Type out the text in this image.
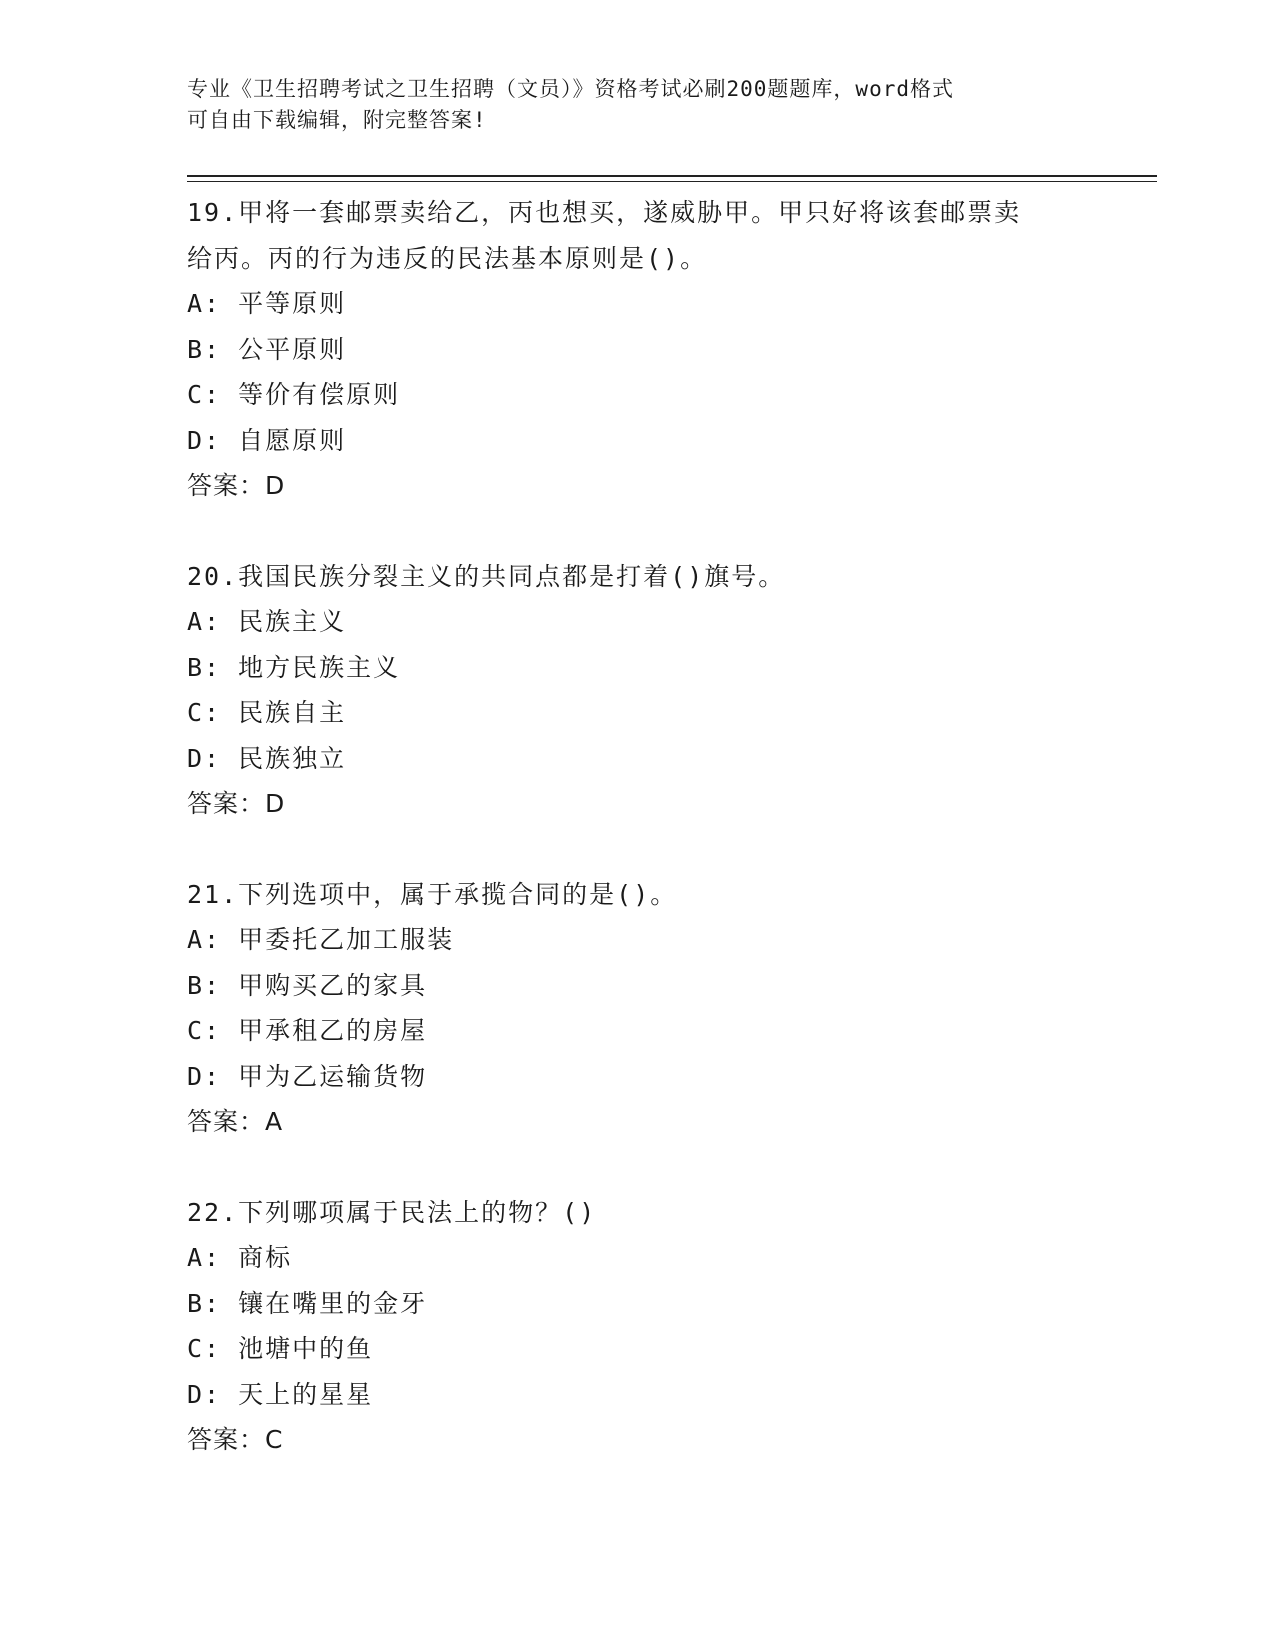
专业《卫生招聘考试之卫生招聘（文员）》资格考试必刷200题题库，word格式
可自由下载编辑，附完整答案!

19.甲将一套邮票卖给乙，丙也想买，遂威胁甲。甲只好将该套邮票卖

给丙。丙的行为违反的民法基本原则是()。

A: 平等原则

B: 公平原则

C: 等价有偿原则

D: 自愿原则

答案：D

20.我国民族分裂主义的共同点都是打着()旗号。

A: 民族主义

B: 地方民族主义

C: 民族自主

D: 民族独立

答案：D

21.下列选项中，属于承揽合同的是()。

A: 甲委托乙加工服装

B: 甲购买乙的家具

C: 甲承租乙的房屋

D: 甲为乙运输货物

答案：A

22.下列哪项属于民法上的物？()

A: 商标

B: 镶在嘴里的金牙

C: 池塘中的鱼

D: 天上的星星

答案：C
